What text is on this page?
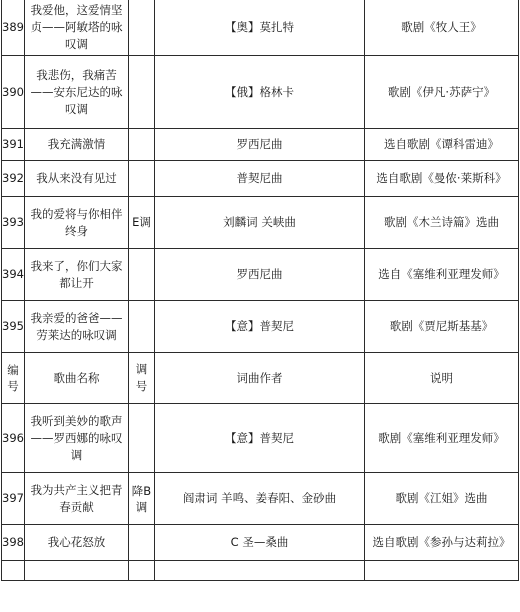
389	我爱他，这爱情坚贞——阿敏塔的咏叹调		【奥】莫扎特	歌剧《牧人王》
390	我悲伤，我痛苦——安东尼达的咏叹调		【俄】格林卡	歌剧《伊凡·苏萨宁》
391	我充满激情		罗西尼曲	选自歌剧《谭科雷迪》
392	我从来没有见过		普契尼曲	选自歌剧《曼侬·莱斯科》
393	我的爱将与你相伴终身	E调	刘麟词 关峡曲	歌剧《木兰诗篇》选曲
394	我来了，你们大家都让开		罗西尼曲	选自《塞维利亚理发师》
395	我亲爱的爸爸——劳莱达的咏叹调		【意】普契尼	歌剧《贾尼斯基基》
编号	歌曲名称	调号	词曲作者	说明
396	我听到美妙的歌声——罗西娜的咏叹调		【意】普契尼	歌剧《塞维利亚理发师》
397	我为共产主义把青春贡献	降B调	阎肃词 羊鸣、姜春阳、金砂曲	歌剧《江姐》选曲
398	我心花怒放		C 圣—桑曲	选自歌剧《参孙与达莉拉》
